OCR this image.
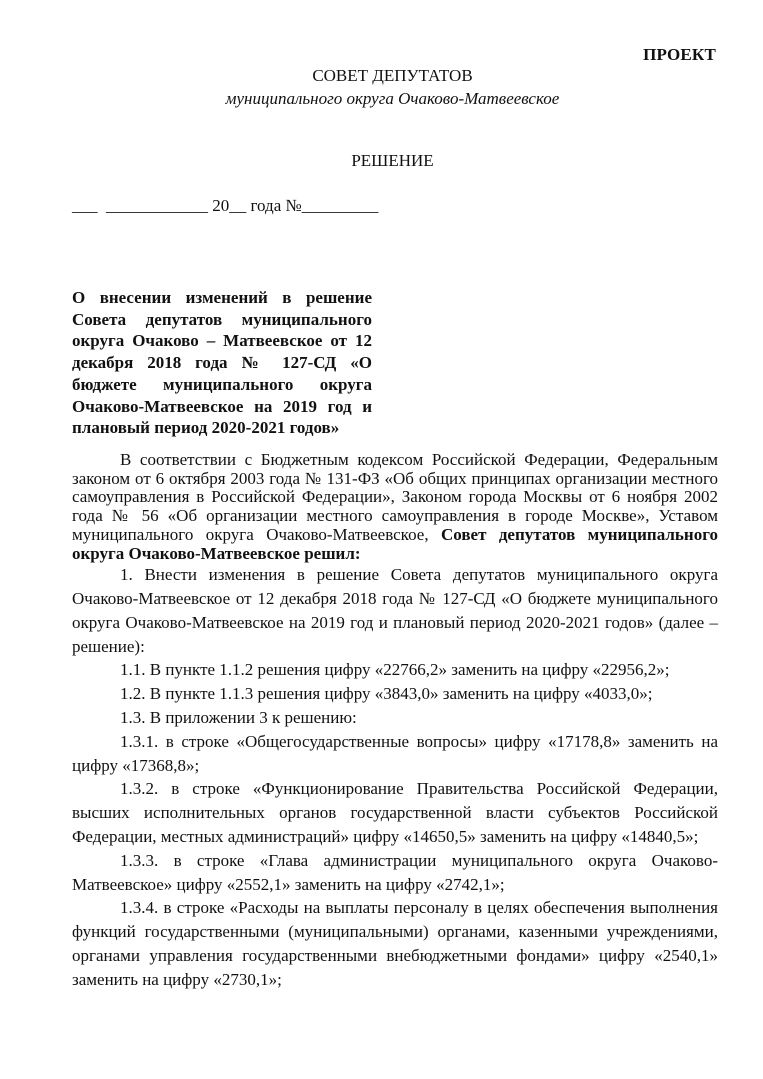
ПРОЕКТ
СОВЕТ ДЕПУТАТОВ
муниципального округа Очаково-Матвеевское
РЕШЕНИЕ
___  ____________ 20__ года №_________
О внесении изменений в решение Совета депутатов муниципального округа Очаково – Матвеевское от 12 декабря 2018 года № 127-СД «О бюджете муниципального округа Очаково-Матвеевское на 2019 год и плановый период 2020-2021 годов»

В соответствии с Бюджетным кодексом Российской Федерации, Федеральным законом от 6 октября 2003 года № 131-ФЗ «Об общих принципах организации местного самоуправления в Российской Федерации», Законом города Москвы от 6 ноября 2002 года № 56 «Об организации местного самоуправления в городе Москве», Уставом муниципального округа Очаково-Матвеевское, Совет депутатов муниципального округа Очаково-Матвеевское решил:

1. Внести изменения в решение Совета депутатов муниципального округа Очаково-Матвеевское от 12 декабря 2018 года № 127-СД «О бюджете муниципального округа Очаково-Матвеевское на 2019 год и плановый период 2020-2021 годов» (далее – решение):

1.1. В пункте 1.1.2 решения цифру «22766,2» заменить на цифру «22956,2»;

1.2. В пункте 1.1.3 решения цифру «3843,0» заменить на цифру «4033,0»;

1.3. В приложении 3 к решению:

1.3.1. в строке «Общегосударственные вопросы» цифру «17178,8» заменить на цифру «17368,8»;

1.3.2. в строке «Функционирование Правительства Российской Федерации, высших исполнительных органов государственной власти субъектов Российской Федерации, местных администраций» цифру «14650,5» заменить на цифру «14840,5»;

1.3.3. в строке «Глава администрации муниципального округа Очаково-Матвеевское» цифру «2552,1» заменить на цифру «2742,1»;

1.3.4. в строке «Расходы на выплаты персоналу в целях обеспечения выполнения функций государственными (муниципальными) органами, казенными учреждениями, органами управления государственными внебюджетными фондами» цифру «2540,1» заменить на цифру «2730,1»;
